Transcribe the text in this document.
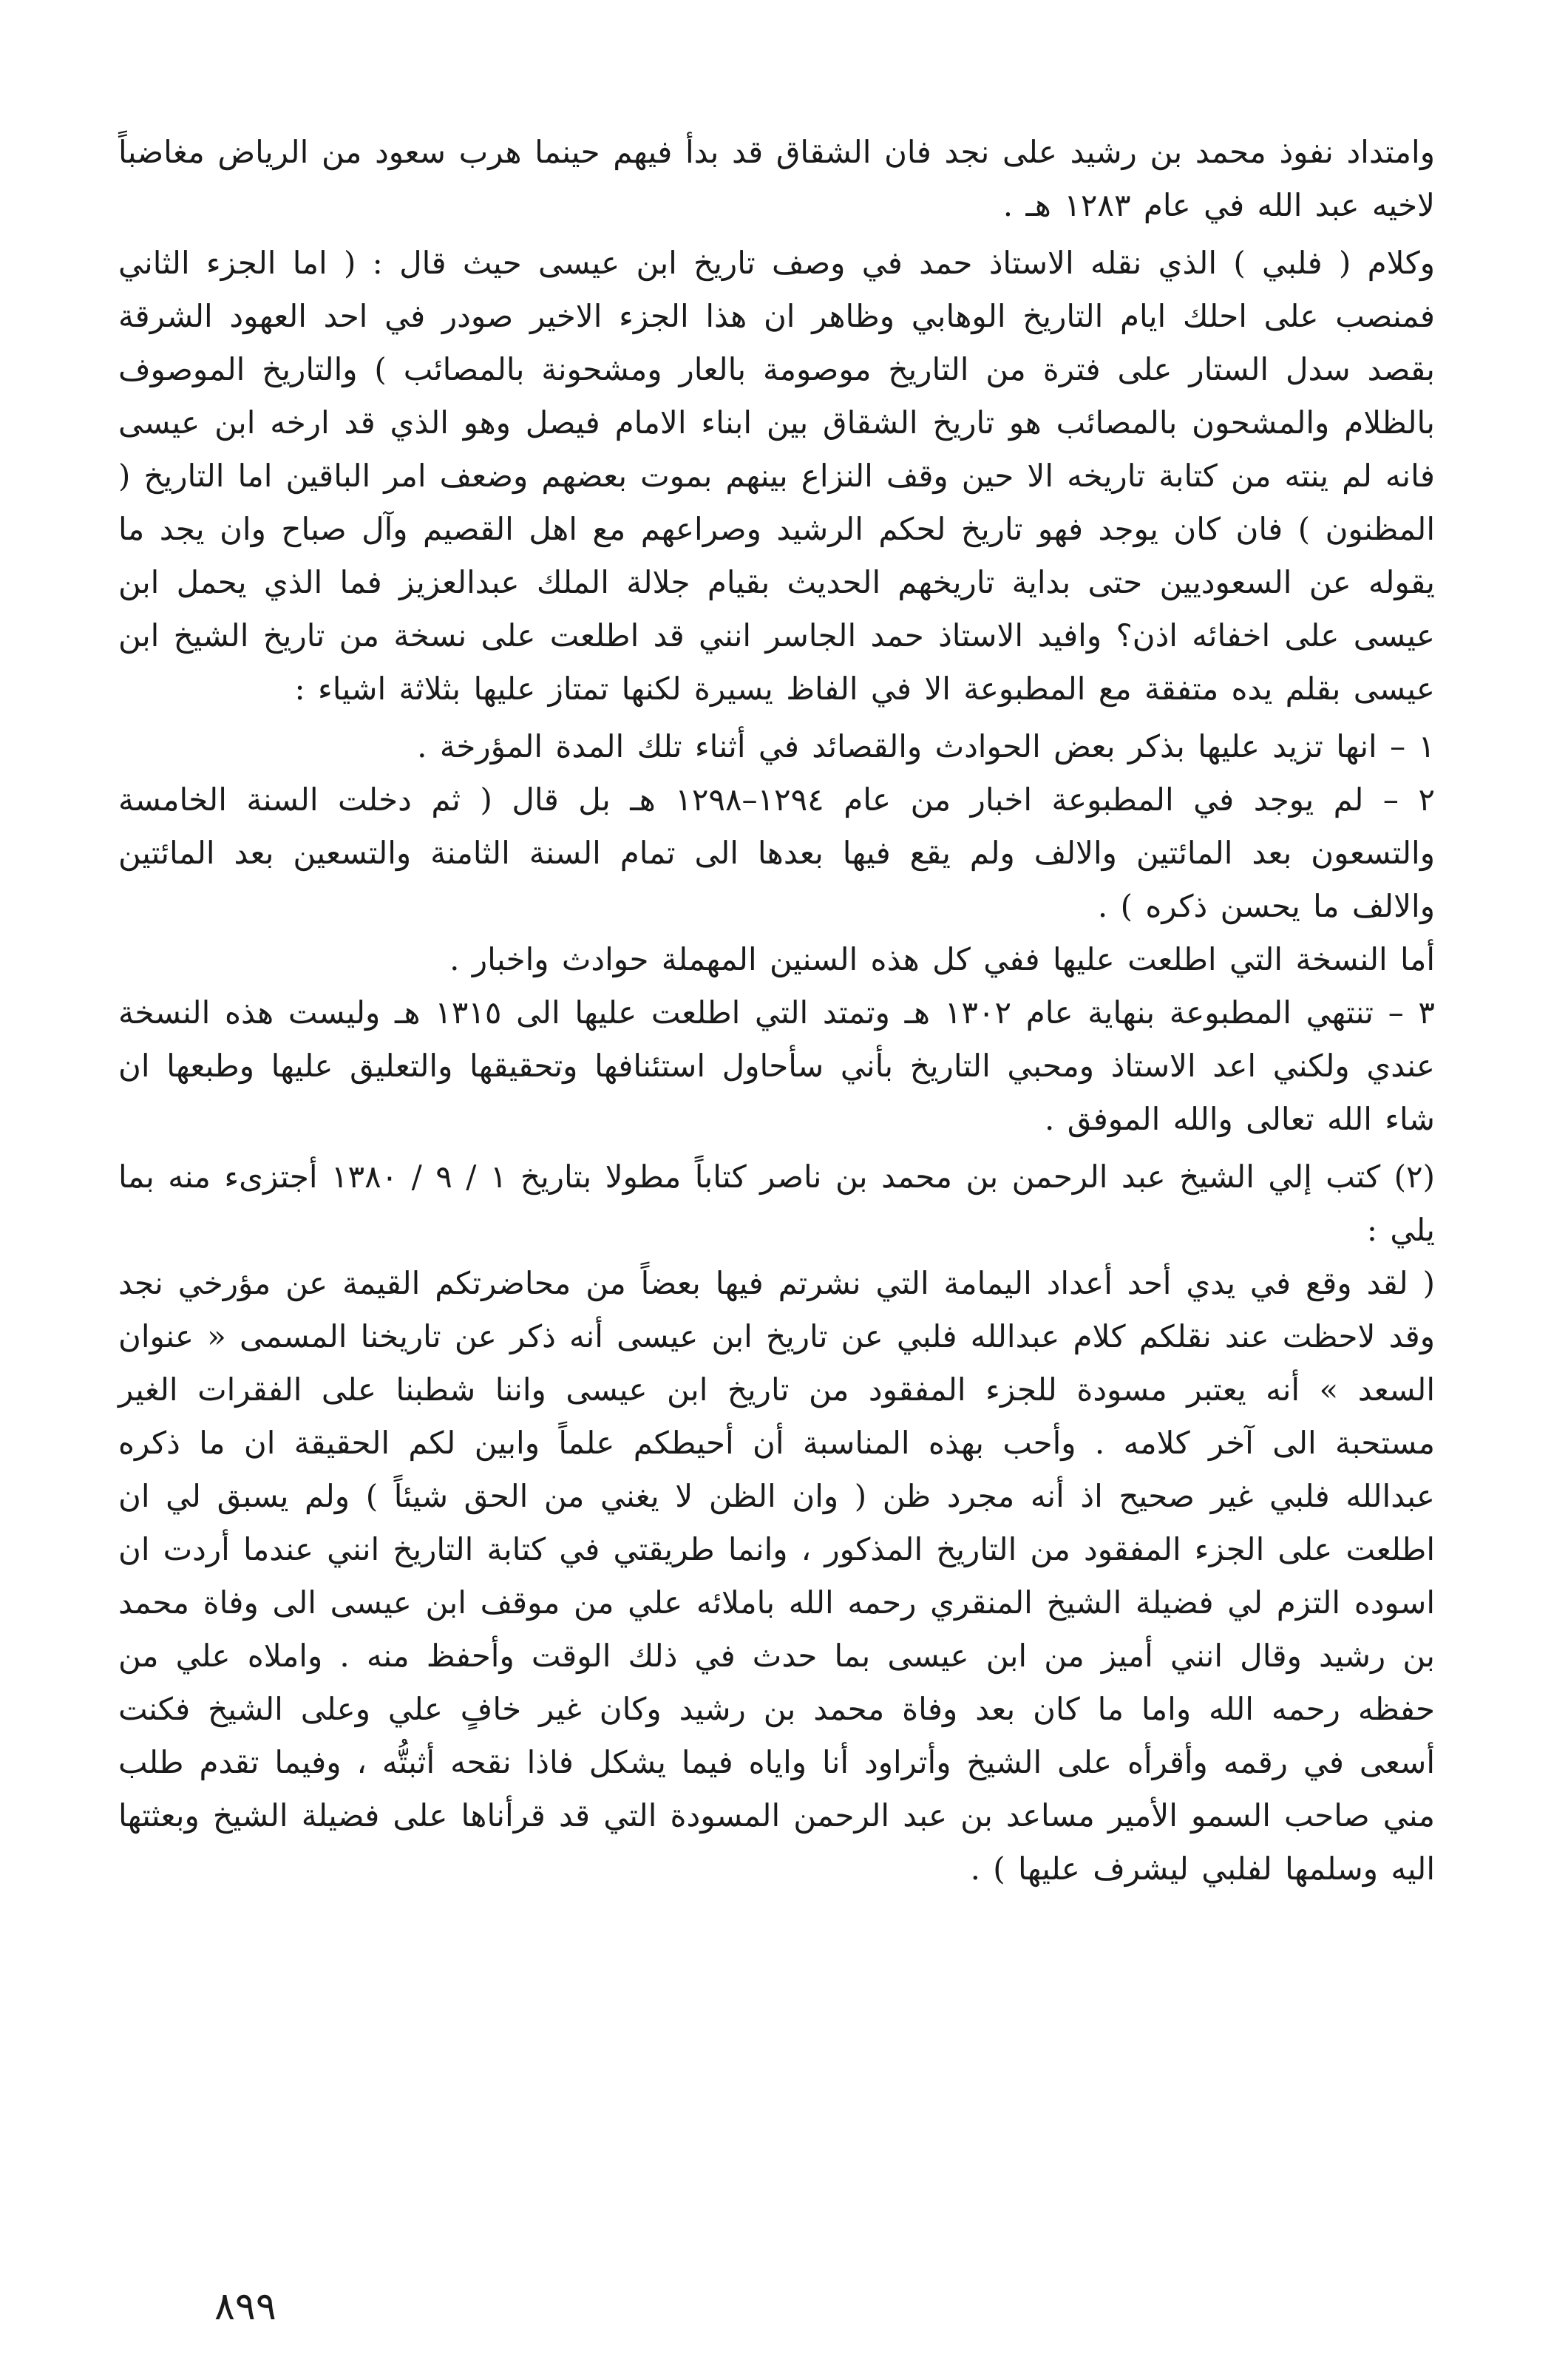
وامتداد نفوذ محمد بن رشيد على نجد فان الشقاق قد بدأ فيهم حينما هرب سعود من الرياض مغاضباً لاخيه عبد الله في عام ١٢٨٣ هـ .

وكلام ( فلبي ) الذي نقله الاستاذ حمد في وصف تاريخ ابن عيسى حيث قال : ( اما الجزء الثاني فمنصب على احلك ايام التاريخ الوهابي وظاهر ان هذا الجزء الاخير صودر في احد العهود الشرقة بقصد سدل الستار على فترة من التاريخ موصومة بالعار ومشحونة بالمصائب ) والتاريخ الموصوف بالظلام والمشحون بالمصائب هو تاريخ الشقاق بين ابناء الامام فيصل وهو الذي قد ارخه ابن عيسى فانه لم ينته من كتابة تاريخه الا حين وقف النزاع بينهم بموت بعضهم وضعف امر الباقين اما التاريخ ( المظنون ) فان كان يوجد فهو تاريخ لحكم الرشيد وصراعهم مع اهل القصيم وآل صباح وان يجد ما يقوله عن السعوديين حتى بداية تاريخهم الحديث بقيام جلالة الملك عبدالعزيز فما الذي يحمل ابن عيسى على اخفائه اذن؟ وافيد الاستاذ حمد الجاسر انني قد اطلعت على نسخة من تاريخ الشيخ ابن عيسى بقلم يده متفقة مع المطبوعة الا في الفاظ يسيرة لكنها تمتاز عليها بثلاثة اشياء :

١ – انها تزيد عليها بذكر بعض الحوادث والقصائد في أثناء تلك المدة المؤرخة .

٢ – لم يوجد في المطبوعة اخبار من عام ١٢٩٤–١٢٩٨ هـ بل قال ( ثم دخلت السنة الخامسة والتسعون بعد المائتين والالف ولم يقع فيها بعدها الى تمام السنة الثامنة والتسعين بعد المائتين والالف ما يحسن ذكره ) .

أما النسخة التي اطلعت عليها ففي كل هذه السنين المهملة حوادث واخبار .

٣ – تنتهي المطبوعة بنهاية عام ١٣٠٢ هـ وتمتد التي اطلعت عليها الى ١٣١٥ هـ وليست هذه النسخة عندي ولكني اعد الاستاذ ومحبي التاريخ بأني سأحاول استئنافها وتحقيقها والتعليق عليها وطبعها ان شاء الله تعالى والله الموفق .

(٢) كتب إلي الشيخ عبد الرحمن بن محمد بن ناصر كتاباً مطولا بتاريخ ١ / ٩ / ١٣٨٠ أجتزىء منه بما يلي :

( لقد وقع في يدي أحد أعداد اليمامة التي نشرتم فيها بعضاً من محاضرتكم القيمة عن مؤرخي نجد وقد لاحظت عند نقلكم كلام عبدالله فلبي عن تاريخ ابن عيسى أنه ذكر عن تاريخنا المسمى « عنوان السعد » أنه يعتبر مسودة للجزء المفقود من تاريخ ابن عيسى واننا شطبنا على الفقرات الغير مستحبة الى آخر كلامه . وأحب بهذه المناسبة أن أحيطكم علماً وابين لكم الحقيقة ان ما ذكره عبدالله فلبي غير صحيح اذ أنه مجرد ظن ( وان الظن لا يغني من الحق شيئاً ) ولم يسبق لي ان اطلعت على الجزء المفقود من التاريخ المذكور ، وانما طريقتي في كتابة التاريخ انني عندما أردت ان اسوده التزم لي فضيلة الشيخ المنقري رحمه الله باملائه علي من موقف ابن عيسى الى وفاة محمد بن رشيد وقال انني أميز من ابن عيسى بما حدث في ذلك الوقت وأحفظ منه . واملاه علي من حفظه رحمه الله واما ما كان بعد وفاة محمد بن رشيد وكان غير خافٍ علي وعلى الشيخ فكنت أسعى في رقمه وأقرأه على الشيخ وأتراود أنا واياه فيما يشكل فاذا نقحه أثبتُّه ، وفيما تقدم طلب مني صاحب السمو الأمير مساعد بن عبد الرحمن المسودة التي قد قرأناها على فضيلة الشيخ وبعثتها اليه وسلمها لفلبي ليشرف عليها ) .

٨٩٩
